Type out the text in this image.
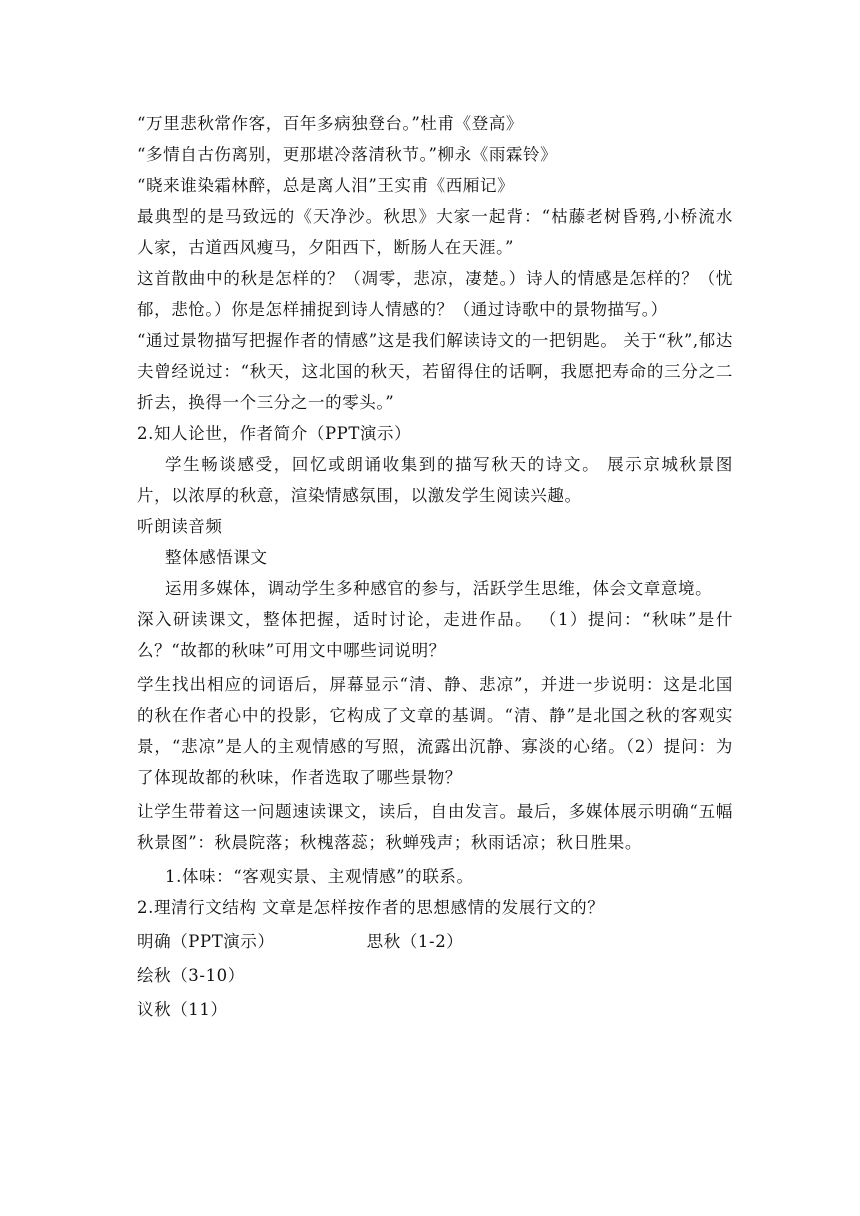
“万里悲秋常作客，百年多病独登台。”杜甫《登高》

“多情自古伤离别，更那堪冷落清秋节。”柳永《雨霖铃》

“晓来谁染霜林醉，总是离人泪”王实甫《西厢记》

最典型的是马致远的《天净沙。秋思》大家一起背：“枯藤老树昏鸦,小桥流水人家，古道西风瘦马，夕阳西下，断肠人在天涯。”

这首散曲中的秋是怎样的？（凋零，悲凉，凄楚。）诗人的情感是怎样的？（忧郁，悲怆。）你是怎样捕捉到诗人情感的？（通过诗歌中的景物描写。）

“通过景物描写把握作者的情感”这是我们解读诗文的一把钥匙。 关于“秋”,郁达夫曾经说过：“秋天，这北国的秋天，若留得住的话啊，我愿把寿命的三分之二折去，换得一个三分之一的零头。”

2.知人论世，作者简介（PPT演示）

学生畅谈感受，回忆或朗诵收集到的描写秋天的诗文。 展示京城秋景图片，以浓厚的秋意，渲染情感氛围，以激发学生阅读兴趣。

听朗读音频

整体感悟课文

运用多媒体，调动学生多种感官的参与，活跃学生思维，体会文章意境。

深入研读课文，整体把握，适时讨论，走进作品。 （1）提问：“秋味”是什么？“故都的秋味”可用文中哪些词说明？

学生找出相应的词语后，屏幕显示“清、静、悲凉”，并进一步说明：这是北国的秋在作者心中的投影，它构成了文章的基调。“清、静”是北国之秋的客观实景，“悲凉”是人的主观情感的写照，流露出沉静、寡淡的心绪。（2）提问：为了体现故都的秋味，作者选取了哪些景物？

让学生带着这一问题速读课文，读后，自由发言。最后，多媒体展示明确“五幅秋景图”：秋晨院落；秋槐落蕊；秋蝉残声；秋雨话凉；秋日胜果。

1.体味：“客观实景、主观情感”的联系。

2.理清行文结构 文章是怎样按作者的思想感情的发展行文的？

明确（PPT演示）	思秋（1-2）

绘秋（3-10）

议秋（11）
